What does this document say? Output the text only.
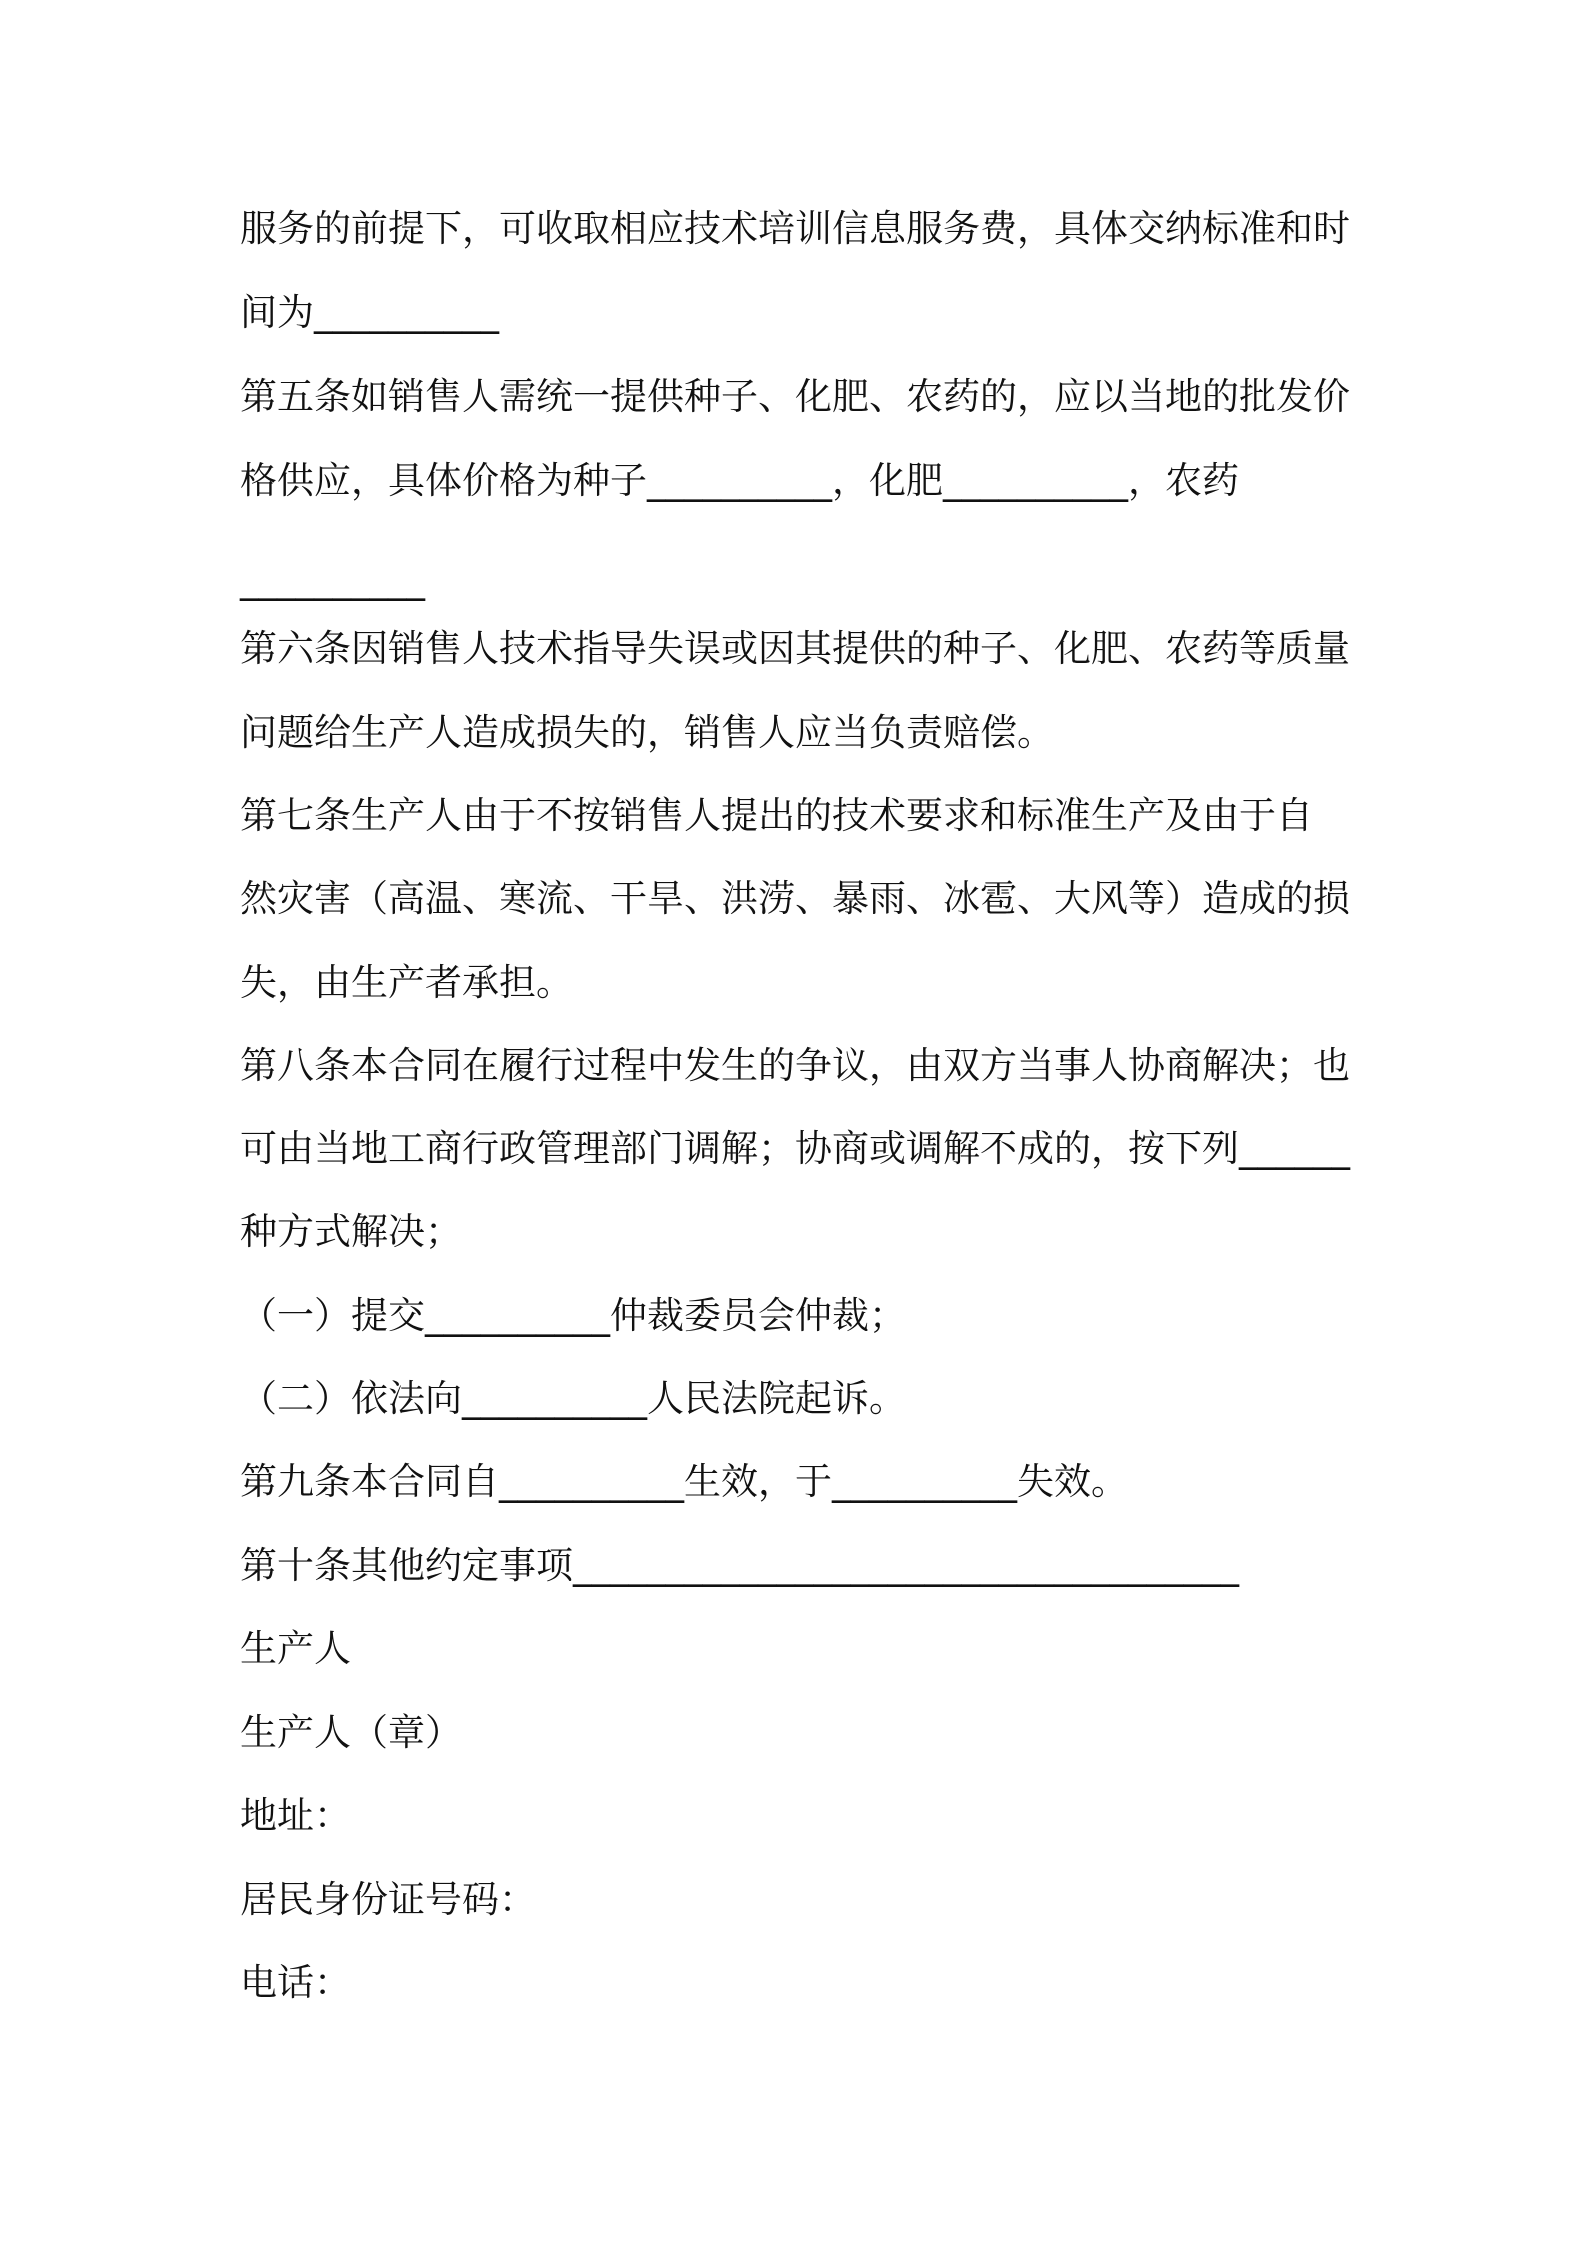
服务的前提下，可收取相应技术培训信息服务费，具体交纳标准和时
间为__________
第五条如销售人需统一提供种子、化肥、农药的，应以当地的批发价
格供应，具体价格为种子__________，化肥__________，农药
__________
第六条因销售人技术指导失误或因其提供的种子、化肥、农药等质量
问题给生产人造成损失的，销售人应当负责赔偿。
第七条生产人由于不按销售人提出的技术要求和标准生产及由于自
然灾害（高温、寒流、干旱、洪涝、暴雨、冰雹、大风等）造成的损
失，由生产者承担。
第八条本合同在履行过程中发生的争议，由双方当事人协商解决；也
可由当地工商行政管理部门调解；协商或调解不成的，按下列______
种方式解决；
（一）提交__________仲裁委员会仲裁；
（二）依法向__________人民法院起诉。
第九条本合同自__________生效，于__________失效。
第十条其他约定事项____________________________________
生产人
生产人（章）
地址：
居民身份证号码：
电话：
